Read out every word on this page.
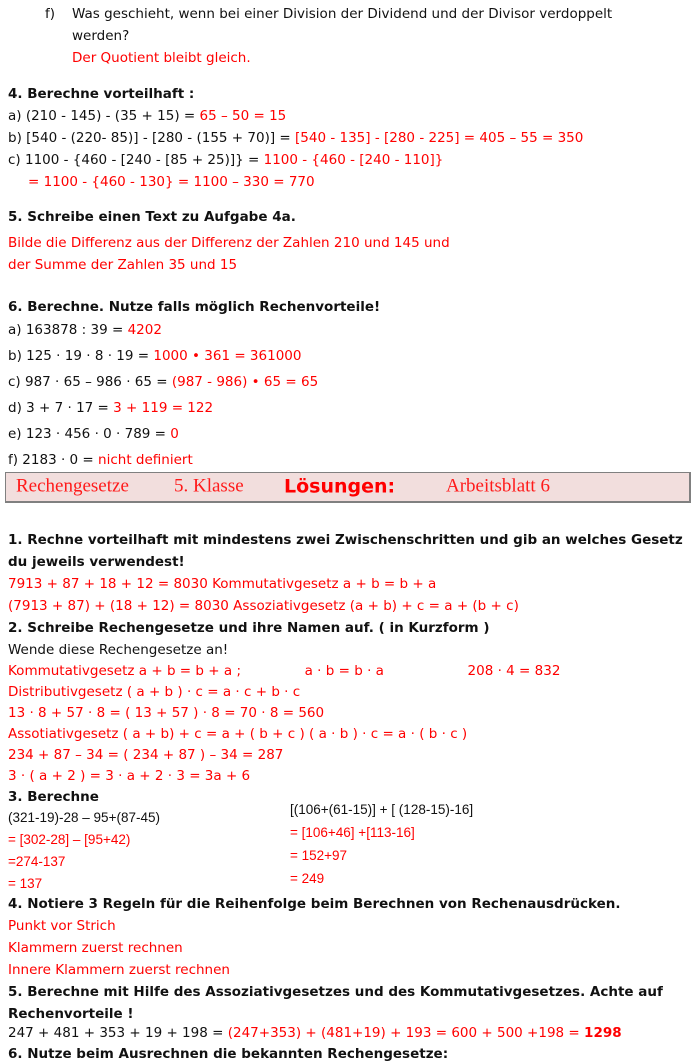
f) Was geschieht, wenn bei einer Division der Dividend und der Divisor verdoppelt
werden?
Der Quotient bleibt gleich.
4. Berechne vorteilhaft :
a) (210 - 145) - (35 + 15) = 65 – 50 = 15
b) [540 - (220- 85)] - [280 - (155 + 70)] = [540 - 135] - [280 - 225] = 405 – 55 = 350
c) 1100 - {460 - [240 - [85 + 25)]} = 1100 - {460 - [240 - 110]}
= 1100 - {460 - 130} = 1100 – 330 = 770
5. Schreibe einen Text zu Aufgabe 4a.
Bilde die Differenz aus der Differenz der Zahlen 210 und 145 und
der Summe der Zahlen 35 und 15
6. Berechne. Nutze falls möglich Rechenvorteile!
a) 163878 : 39 = 4202
b) 125 · 19 · 8 · 19 = 1000 • 361 = 361000
c) 987 · 65 – 986 · 65 = (987 - 986) • 65 = 65
d) 3 + 7 · 17 = 3 + 119 = 122
e) 123 · 456 · 0 · 789 = 0
f) 2183 · 0 = nicht definiert
Rechengesetze 5. Klasse Lösungen:	Arbeitsblatt 6
1. Rechne vorteilhaft mit mindestens zwei Zwischenschritten und gib an welches Gesetz
du jeweils verwendest!
7913 + 87 + 18 + 12 = 8030 Kommutativgesetz a + b = b + a
(7913 + 87) + (18 + 12) = 8030 Assoziativgesetz (a + b) + c = a + (b + c)
2. Schreibe Rechengesetze und ihre Namen auf. ( in Kurzform )
Wende diese Rechengesetze an!
Kommutativgesetz a + b = b + a ;	a · b = b · a	208 · 4 = 832
Distributivgesetz ( a + b ) · c = a · c + b · c
13 · 8 + 57 · 8 = ( 13 + 57 ) · 8 = 70 · 8 = 560
Assotiativgesetz ( a + b) + c = a + ( b + c ) ( a · b ) · c = a · ( b · c )
234 + 87 – 34 = ( 234 + 87 ) – 34 = 287
3 · ( a + 2 ) = 3 · a + 2 · 3 = 3a + 6
3. Berechne
(321-19)-28 – 95+(87-45)
= [302-28] – [95+42)
=274-137
= 137
[(106+(61-15)] + [ (128-15)-16]
= [106+46] +[113-16]
= 152+97
= 249
4. Notiere 3 Regeln für die Reihenfolge beim Berechnen von Rechenausdrücken.
Punkt vor Strich
Klammern zuerst rechnen
Innere Klammern zuerst rechnen
5. Berechne mit Hilfe des Assoziativgesetzes und des Kommutativgesetzes. Achte auf
Rechenvorteile !
247 + 481 + 353 + 19 + 198 = (247+353) + (481+19) + 193 = 600 + 500 +198 = 1298
6. Nutze beim Ausrechnen die bekannten Rechengesetze:
